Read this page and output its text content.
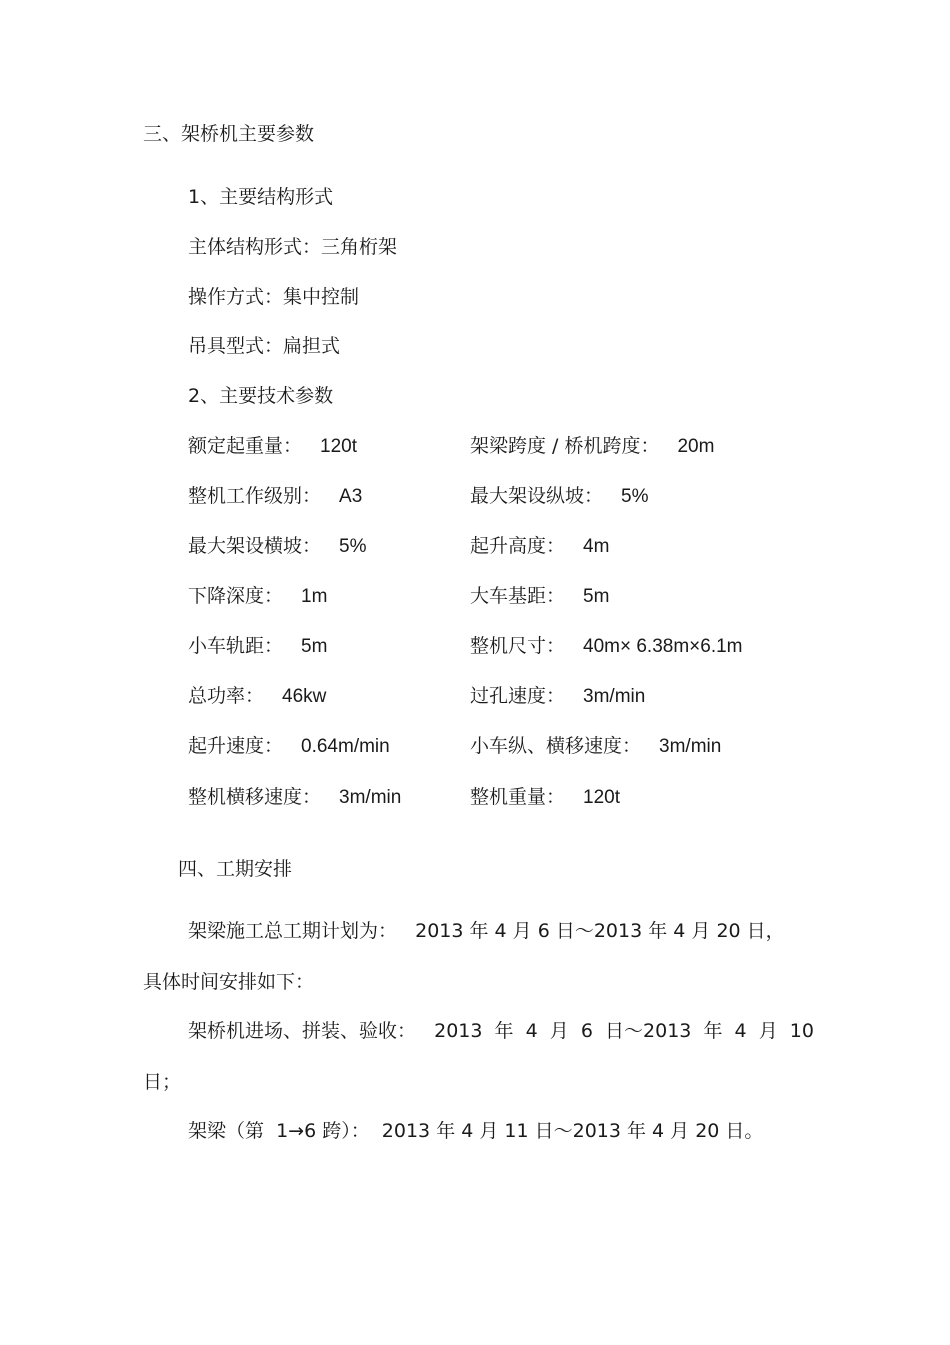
三、架桥机主要参数
1、主要结构形式
主体结构形式：三角桁架
操作方式：集中控制
吊具型式：扁担式
2、主要技术参数
额定起重量： 120t	架梁跨度 / 桥机跨度： 20m
整机工作级别： A3	最大架设纵坡： 5%
最大架设横坡： 5%	起升高度： 4m
下降深度： 1m	大车基距： 5m
小车轨距： 5m	整机尺寸： 40m× 6.38m×6.1m
总功率： 46kw	过孔速度： 3m/min
起升速度： 0.64m/min	小车纵、横移速度： 3m/min
整机横移速度： 3m/min	整机重量： 120t
四、工期安排
架梁施工总工期计划为：   2013 年 4 月 6 日～2013 年 4 月 20 日，
具体时间安排如下：
架桥机进场、拼装、验收：   2013  年  4  月  6  日～2013  年  4  月  10
日；
架梁（第  1→6 跨）：  2013 年 4 月 11 日～2013 年 4 月 20 日。
